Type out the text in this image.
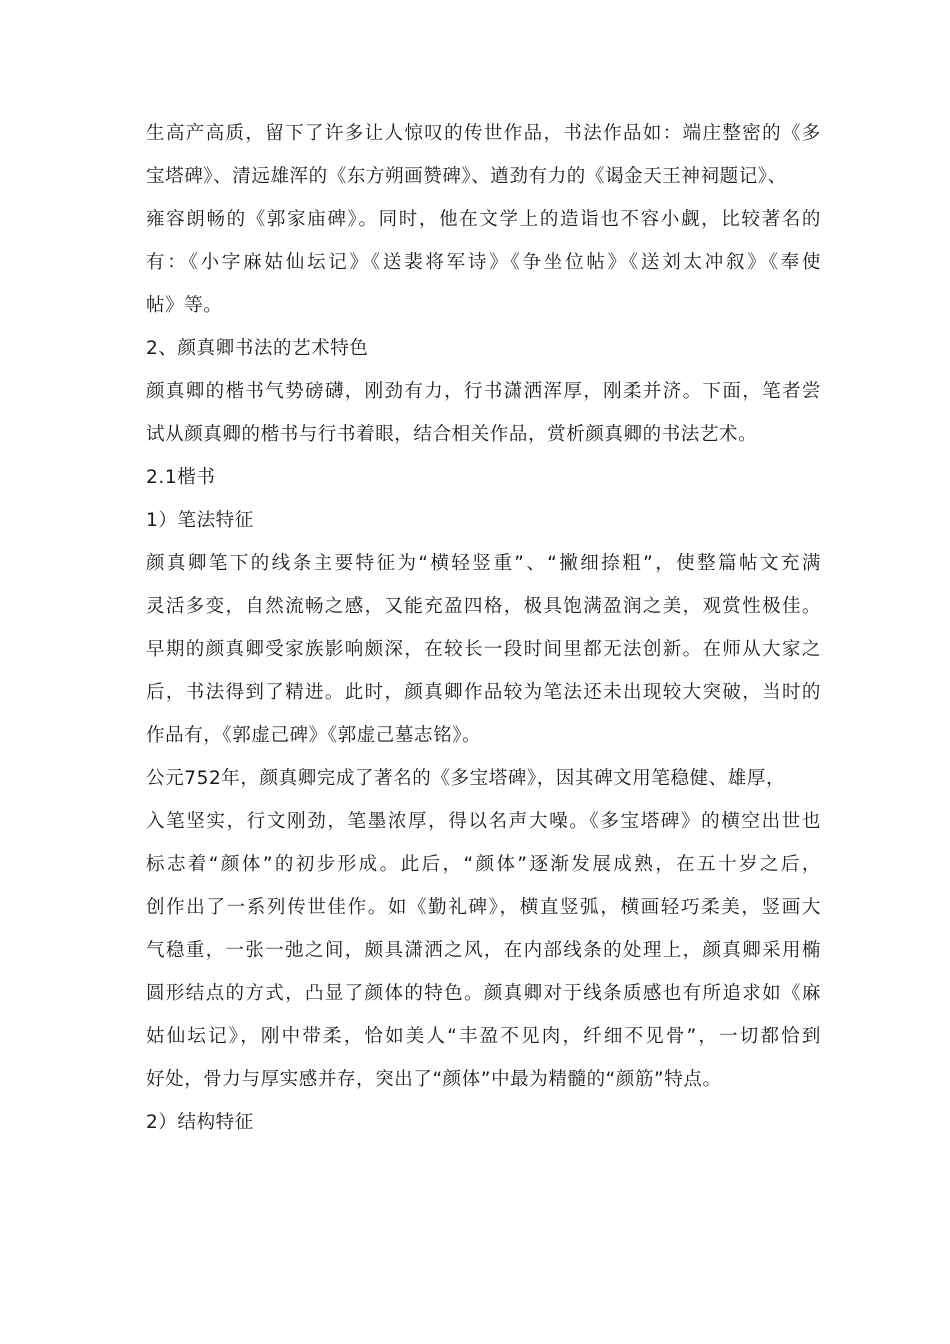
生高产高质，留下了许多让人惊叹的传世作品，书法作品如：端庄整密的《多
宝塔碑》、清远雄浑的《东方朔画赞碑》、遒劲有力的《谒金天王神祠题记》、
雍容朗畅的《郭家庙碑》。同时，他在文学上的造诣也不容小觑，比较著名的
有：《小字麻姑仙坛记》《送裴将军诗》《争坐位帖》《送刘太冲叙》《奉使
帖》等。
2、颜真卿书法的艺术特色
颜真卿的楷书气势磅礴，刚劲有力，行书潇洒浑厚，刚柔并济。下面，笔者尝
试从颜真卿的楷书与行书着眼，结合相关作品，赏析颜真卿的书法艺术。
2.1楷书
1）笔法特征
颜真卿笔下的线条主要特征为“横轻竖重”、“撇细捺粗”，使整篇帖文充满
灵活多变，自然流畅之感，又能充盈四格，极具饱满盈润之美，观赏性极佳。
早期的颜真卿受家族影响颇深，在较长一段时间里都无法创新。在师从大家之
后，书法得到了精进。此时，颜真卿作品较为笔法还未出现较大突破，当时的
作品有，《郭虚己碑》《郭虚己墓志铭》。
公元752年，颜真卿完成了著名的《多宝塔碑》，因其碑文用笔稳健、雄厚，
入笔坚实，行文刚劲，笔墨浓厚，得以名声大噪。《多宝塔碑》的横空出世也
标志着“颜体”的初步形成。此后，“颜体”逐渐发展成熟，在五十岁之后，
创作出了一系列传世佳作。如《勤礼碑》，横直竖弧，横画轻巧柔美，竖画大
气稳重，一张一弛之间，颇具潇洒之风，在内部线条的处理上，颜真卿采用椭
圆形结点的方式，凸显了颜体的特色。颜真卿对于线条质感也有所追求如《麻
姑仙坛记》，刚中带柔，恰如美人“丰盈不见肉，纤细不见骨”，一切都恰到
好处，骨力与厚实感并存，突出了“颜体”中最为精髓的“颜筋”特点。
2）结构特征
